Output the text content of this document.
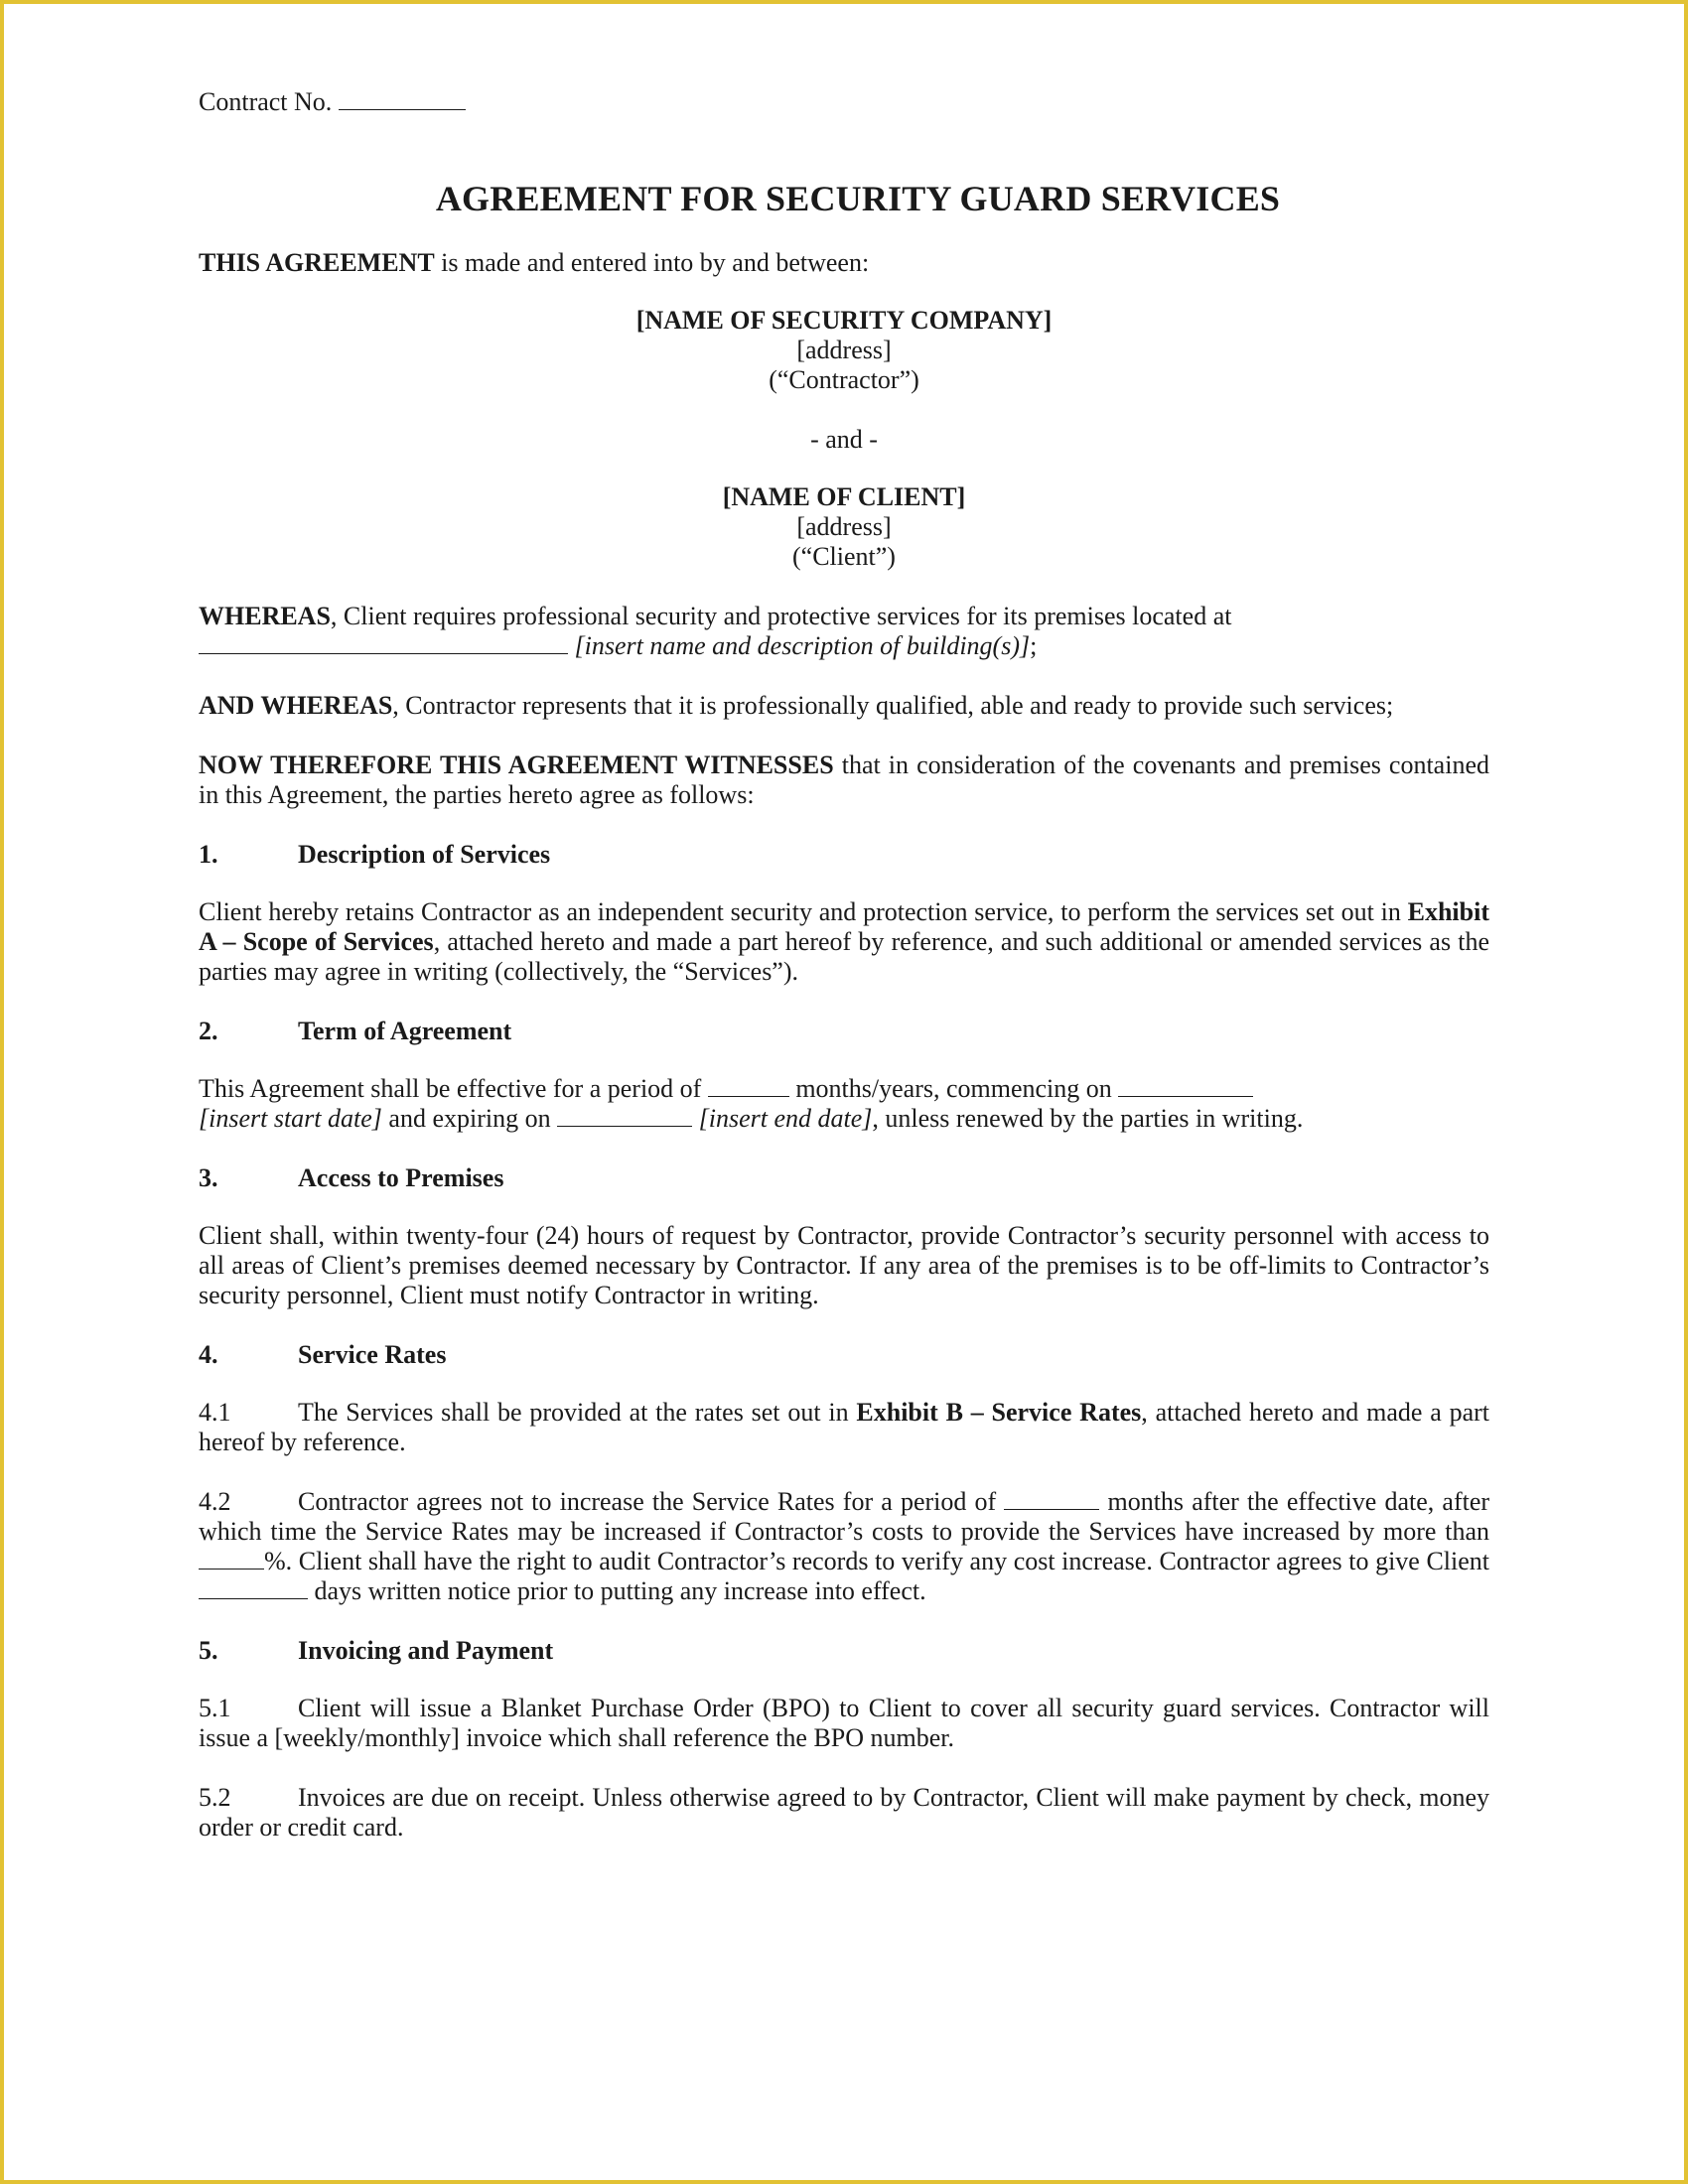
Contract No.

AGREEMENT FOR SECURITY GUARD SERVICES

THIS AGREEMENT is made and entered into by and between:

[NAME OF SECURITY COMPANY]
[address]
(“Contractor”)
- and -
[NAME OF CLIENT]
[address]
(“Client”)

WHEREAS, Client requires professional security and protective services for its premises located at
[insert name and description of building(s)];

AND WHEREAS, Contractor represents that it is professionally qualified, able and ready to provide such services;

NOW THEREFORE THIS AGREEMENT WITNESSES that in consideration of the covenants and premises contained in this Agreement, the parties hereto agree as follows:

1.	Description of Services

Client hereby retains Contractor as an independent security and protection service, to perform the services set out in Exhibit A – Scope of Services, attached hereto and made a part hereof by reference, and such additional or amended services as the parties may agree in writing (collectively, the “Services”).

2.	Term of Agreement

This Agreement shall be effective for a period of	months/years, commencing on
[insert start date] and expiring on	[insert end date], unless renewed by the parties in writing.

3.	Access to Premises

Client shall, within twenty-four (24) hours of request by Contractor, provide Contractor’s security personnel with access to all areas of Client’s premises deemed necessary by Contractor. If any area of the premises is to be off-limits to Contractor’s security personnel, Client must notify Contractor in writing.

4.	Service Rates

4.1	The Services shall be provided at the rates set out in Exhibit B – Service Rates, attached hereto and made a part hereof by reference.

4.2	Contractor agrees not to increase the Service Rates for a period of	months after the effective date, after which time the Service Rates may be increased if Contractor’s costs to provide the Services have increased by more than %. Client shall have the right to audit Contractor’s records to verify any cost increase. Contractor agrees to give Client  days written notice prior to putting any increase into effect.

5.	Invoicing and Payment

5.1	Client will issue a Blanket Purchase Order (BPO) to Client to cover all security guard services. Contractor will issue a [weekly/monthly] invoice which shall reference the BPO number.

5.2	Invoices are due on receipt. Unless otherwise agreed to by Contractor, Client will make payment by check, money order or credit card.
